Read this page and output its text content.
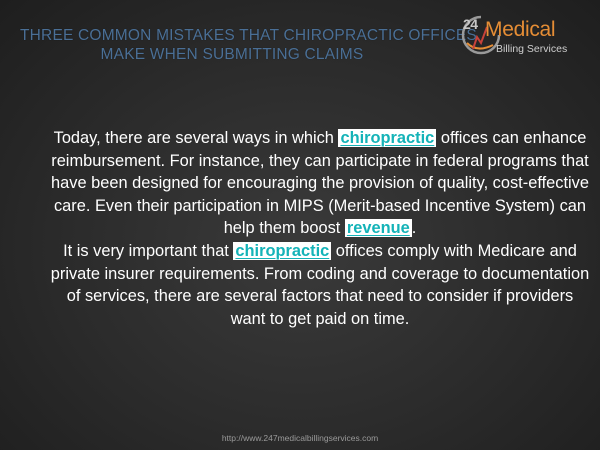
THREE COMMON MISTAKES THAT CHIROPRACTIC OFFICES
MAKE WHEN SUBMITTING CLAIMS
24 Medical
Billing Services

Today, there are several ways in which chiropractic offices can enhance reimbursement. For instance, they can participate in federal programs that have been designed for encouraging the provision of quality, cost-effective care. Even their participation in MIPS (Merit-based Incentive System) can help them boost revenue .

It is very important that chiropractic offices comply with Medicare and private insurer requirements. From coding and coverage to documentation of services, there are several factors that need to consider if providers want to get paid on time.

http://www.247medicalbillingservices.com
